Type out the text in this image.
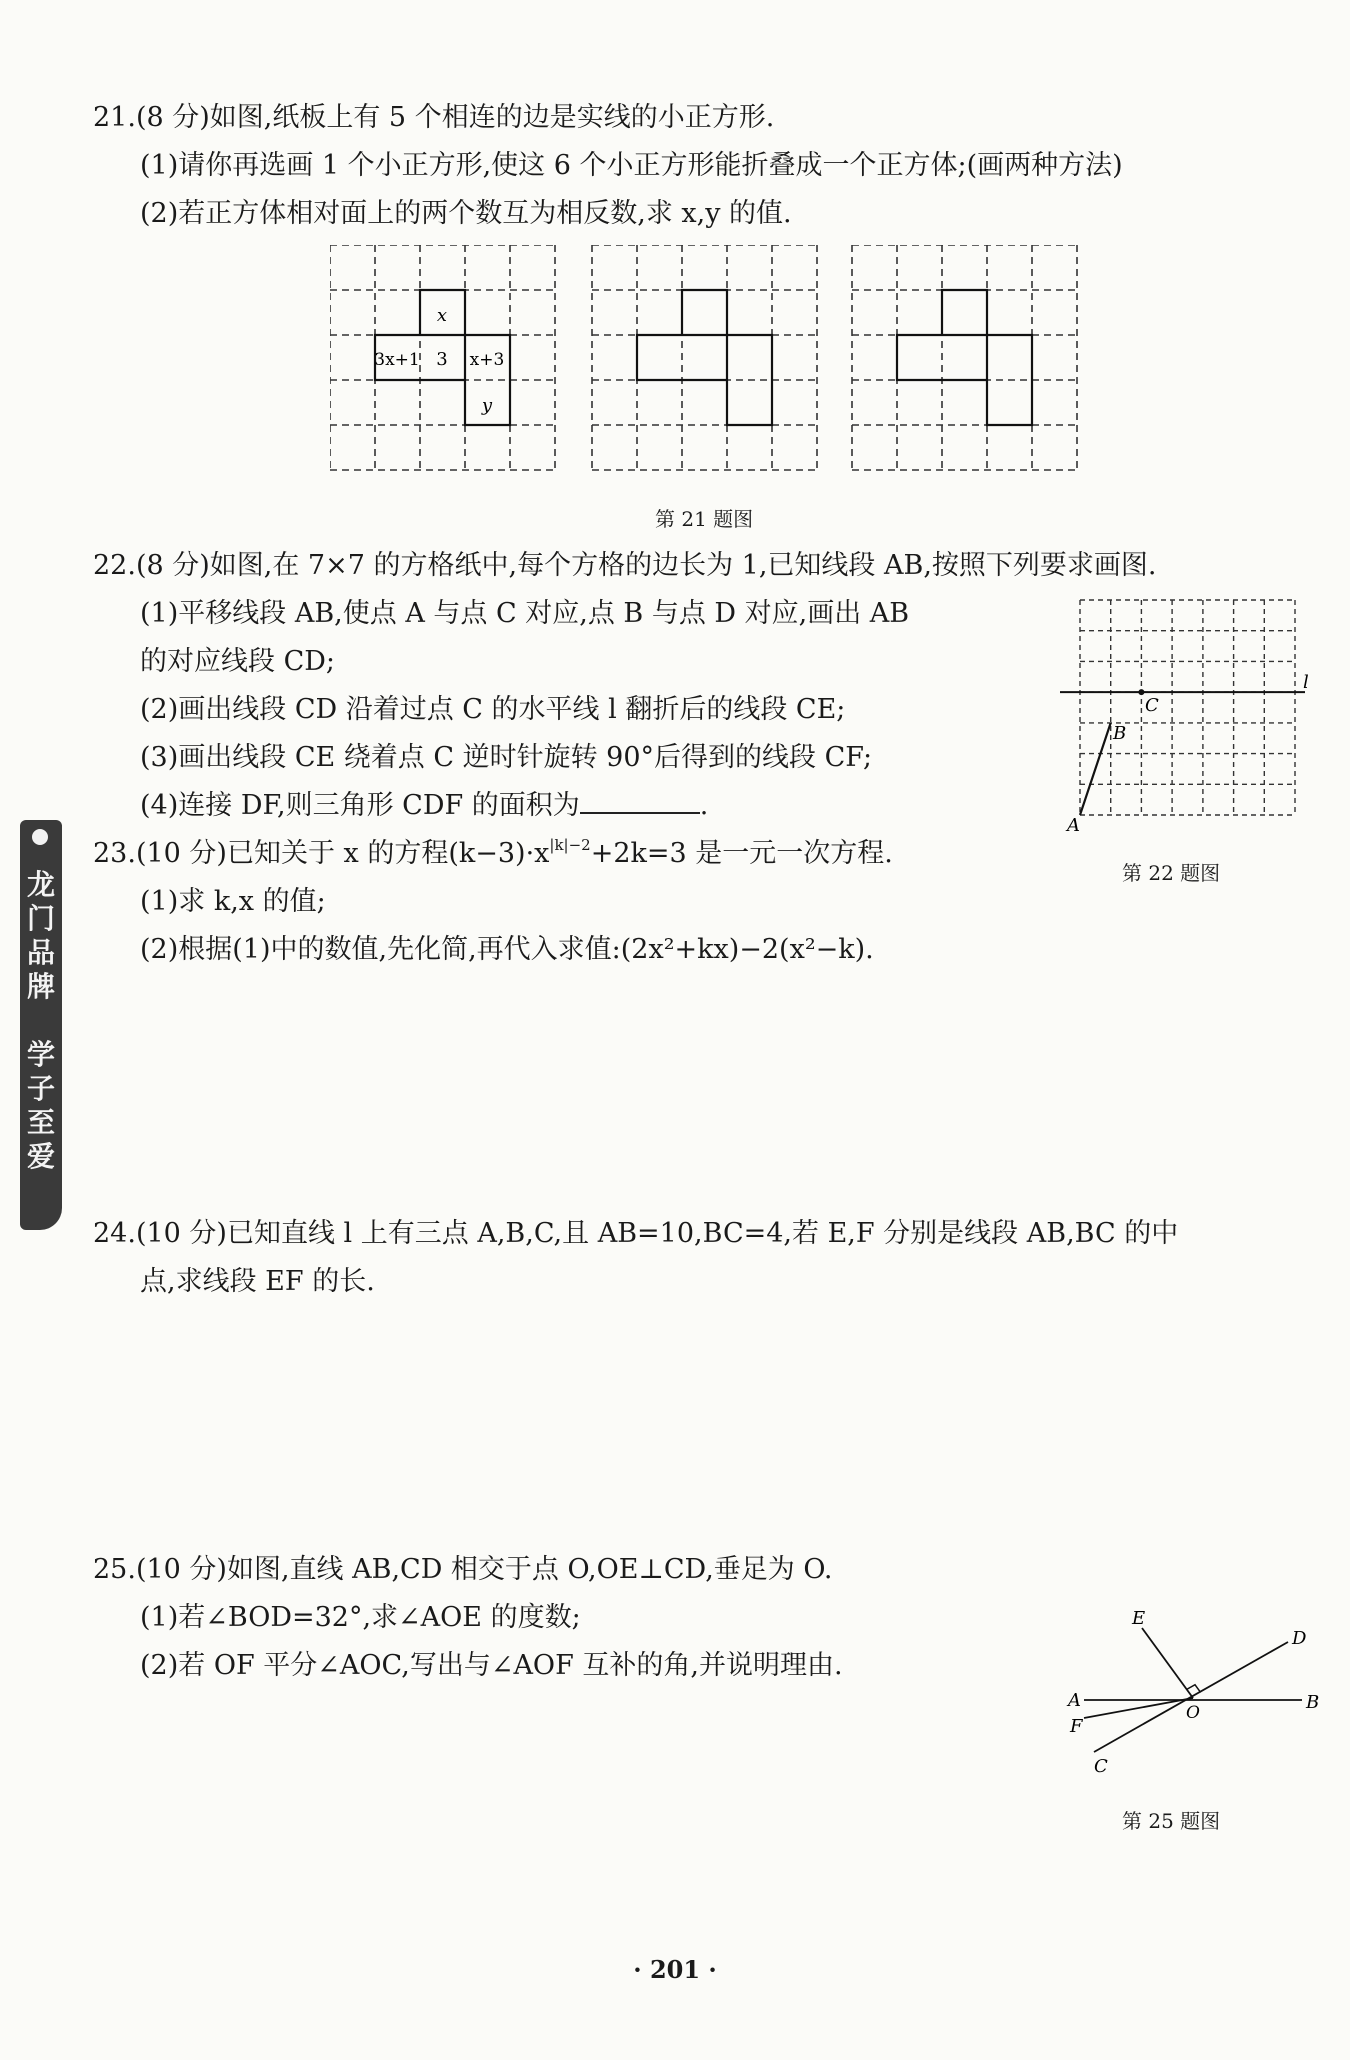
龙
门
品
牌

学
子
至
爱
21.(8 分)如图,纸板上有 5 个相连的边是实线的小正方形.
(1)请你再选画 1 个小正方形,使这 6 个小正方形能折叠成一个正方体;(画两种方法)
(2)若正方体相对面上的两个数互为相反数,求 x,y 的值.
x
3x+1 3 x+3
y
第 21 题图
22.(8 分)如图,在 7×7 的方格纸中,每个方格的边长为 1,已知线段 AB,按照下列要求画图.
(1)平移线段 AB,使点 A 与点 C 对应,点 B 与点 D 对应,画出 AB
的对应线段 CD;
(2)画出线段 CD 沿着过点 C 的水平线 l 翻折后的线段 CE;
(3)画出线段 CE 绕着点 C 逆时针旋转 90°后得到的线段 CF;
(4)连接 DF,则三角形 CDF 的面积为	.
l
C
B
A
第 22 题图
23.(10 分)已知关于 x 的方程$(k-3)\cdot x^{|k|-2}+2k=3$ 是一元一次方程.
(1)求 k,x 的值;
(2)根据(1)中的数值,先化简,再代入求值:(2x²+kx)−2(x²−k).
24.(10 分)已知直线 l 上有三点 A,B,C,且 AB=10,BC=4,若 E,F 分别是线段 AB,BC 的中
点,求线段 EF 的长.
25.(10 分)如图,直线 AB,CD 相交于点 O,OE⊥CD,垂足为 O.
(1)若∠BOD=32°,求∠AOE 的度数;
(2)若 OF 平分∠AOC,写出与∠AOF 互补的角,并说明理由.
E
D
A	B
O
F
C
第 25 题图
· 201 ·
